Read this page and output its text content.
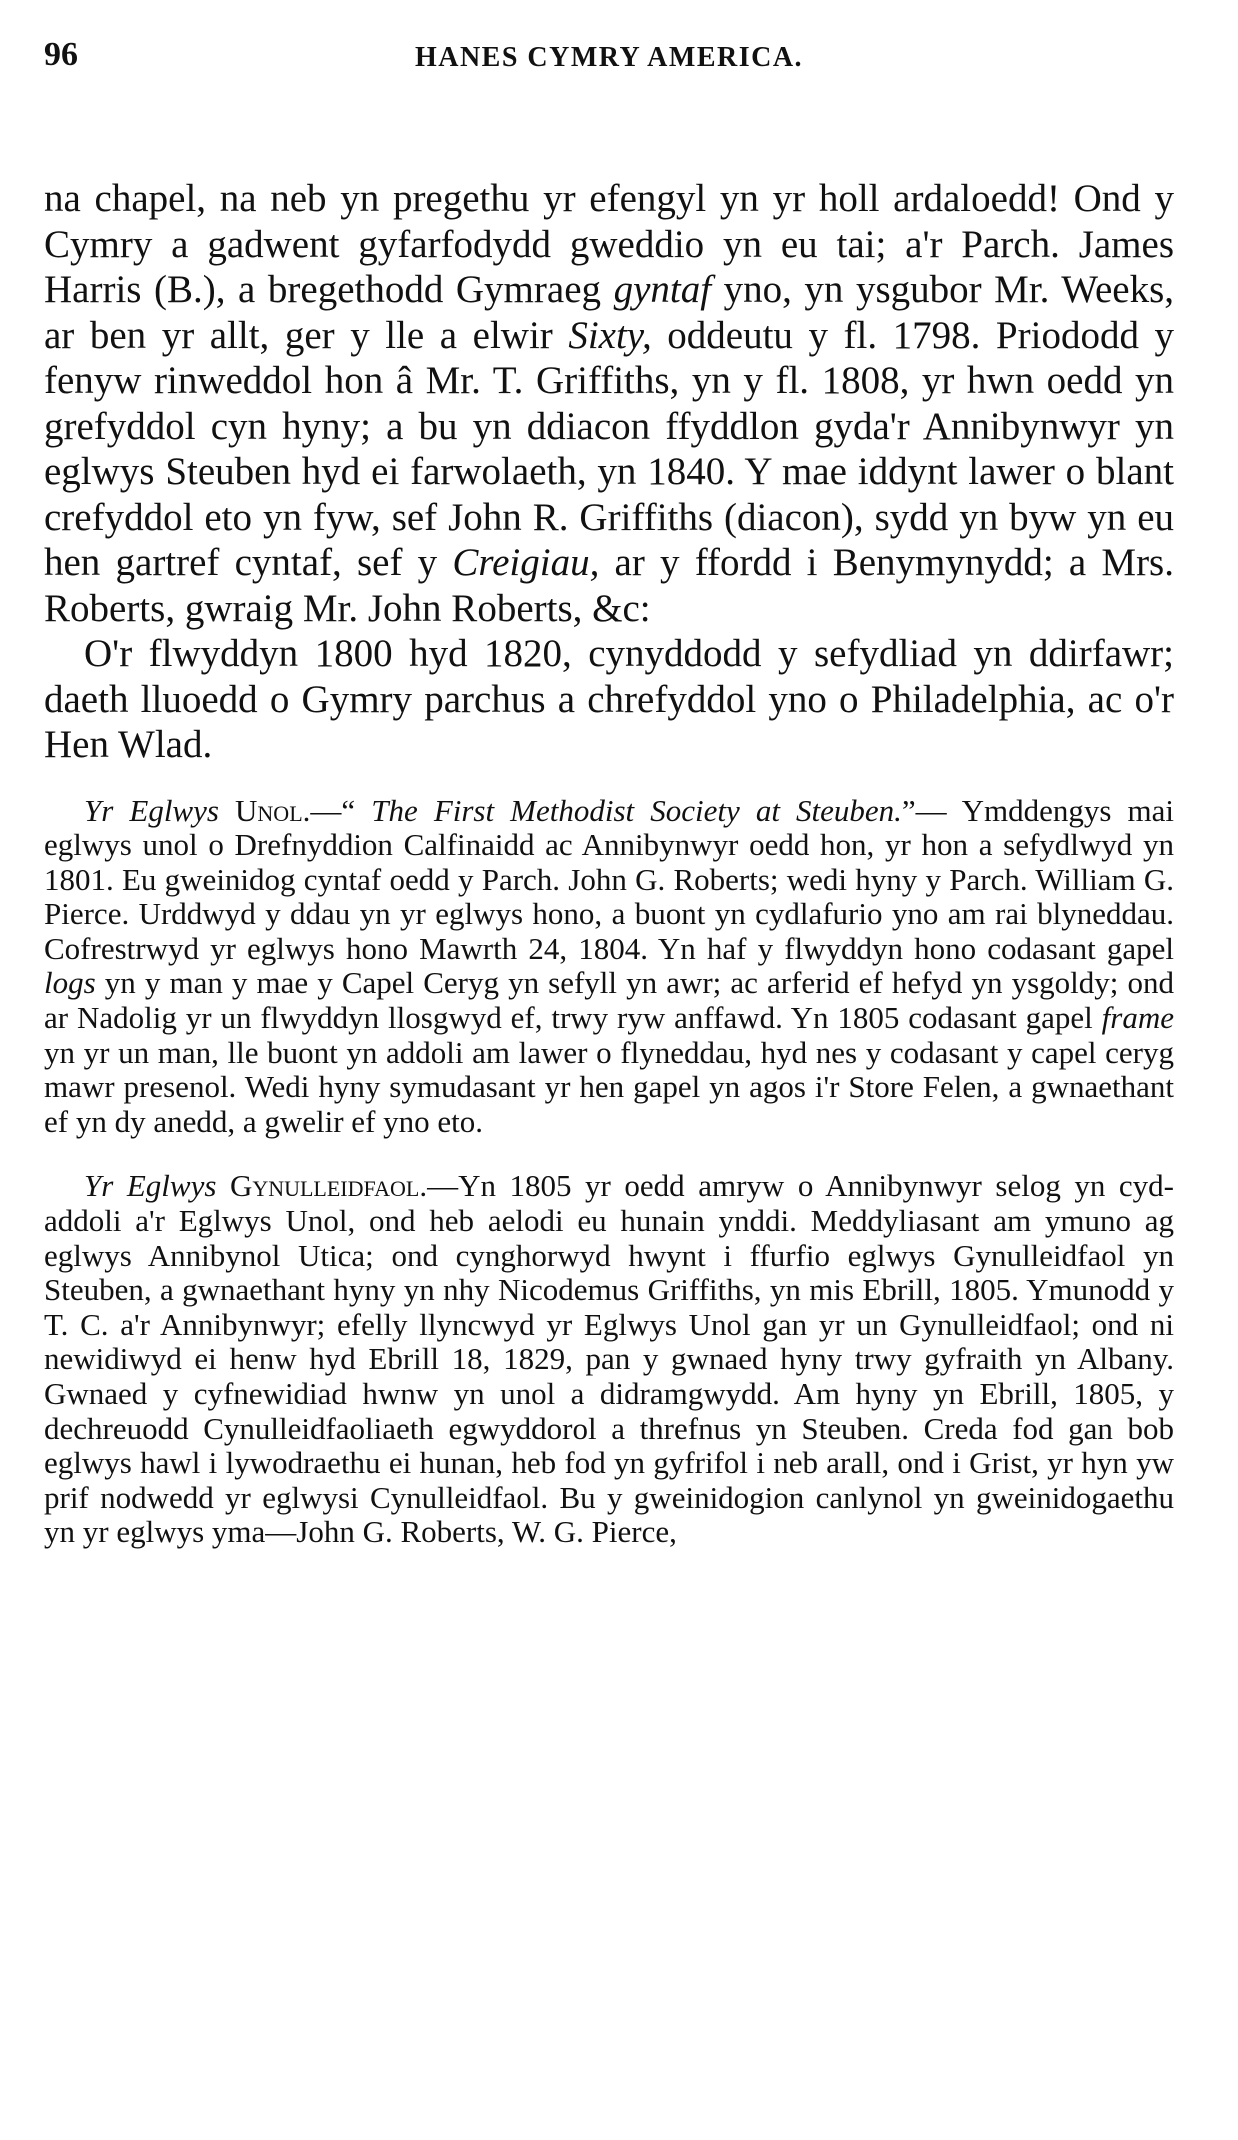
96	HANES CYMRY AMERICA.

na chapel, na neb yn pregethu yr efengyl yn yr holl ardaloedd! Ond y Cymry a gadwent gyfarfodydd gweddio yn eu tai; a'r Parch. James Harris (B.), a bregethodd Gymraeg gyntaf yno, yn ysgubor Mr. Weeks, ar ben yr allt, ger y lle a elwir Sixty, oddeutu y fl. 1798. Priododd y fenyw rinweddol hon â Mr. T. Griffiths, yn y fl. 1808, yr hwn oedd yn grefyddol cyn hyny; a bu yn ddiacon ffyddlon gyda'r Annibynwyr yn eglwys Steuben hyd ei farwolaeth, yn 1840. Y mae iddynt lawer o blant crefyddol eto yn fyw, sef John R. Griffiths (diacon), sydd yn byw yn eu hen gartref cyntaf, sef y Creigiau, ar y ffordd i Benymynydd; a Mrs. Roberts, gwraig Mr. John Roberts, &c:

O'r flwyddyn 1800 hyd 1820, cynyddodd y sefydliad yn ddirfawr; daeth lluoedd o Gymry parchus a chrefyddol yno o Philadelphia, ac o'r Hen Wlad.

Yr Eglwys Unol.—“ The First Methodist Society at Steuben.”— Ymddengys mai eglwys unol o Drefnyddion Calfinaidd ac Annibynwyr oedd hon, yr hon a sefydlwyd yn 1801. Eu gweinidog cyntaf oedd y Parch. John G. Roberts; wedi hyny y Parch. William G. Pierce. Urddwyd y ddau yn yr eglwys hono, a buont yn cydlafurio yno am rai blyneddau. Cofrestrwyd yr eglwys hono Mawrth 24, 1804. Yn haf y flwyddyn hono codasant gapel logs yn y man y mae y Capel Ceryg yn sefyll yn awr; ac arferid ef hefyd yn ysgoldy; ond ar Nadolig yr un flwyddyn llosgwyd ef, trwy ryw anffawd. Yn 1805 codasant gapel frame yn yr un man, lle buont yn addoli am lawer o flyneddau, hyd nes y codasant y capel ceryg mawr presenol. Wedi hyny symudasant yr hen gapel yn agos i'r Store Felen, a gwnaethant ef yn dy anedd, a gwelir ef yno eto.

Yr Eglwys Gynulleidfaol.—Yn 1805 yr oedd amryw o Annibynwyr selog yn cyd-addoli a'r Eglwys Unol, ond heb aelodi eu hunain ynddi. Meddyliasant am ymuno ag eglwys Annibynol Utica; ond cynghorwyd hwynt i ffurfio eglwys Gynulleidfaol yn Steuben, a gwnaethant hyny yn nhy Nicodemus Griffiths, yn mis Ebrill, 1805. Ymunodd y T. C. a'r Annibynwyr; efelly llyncwyd yr Eglwys Unol gan yr un Gynulleidfaol; ond ni newidiwyd ei henw hyd Ebrill 18, 1829, pan y gwnaed hyny trwy gyfraith yn Albany. Gwnaed y cyfnewidiad hwnw yn unol a didramgwydd. Am hyny yn Ebrill, 1805, y dechreuodd Cynulleidfaoliaeth egwyddorol a threfnus yn Steuben. Creda fod gan bob eglwys hawl i lywodraethu ei hunan, heb fod yn gyfrifol i neb arall, ond i Grist, yr hyn yw prif nodwedd yr eglwysi Cynulleidfaol. Bu y gweinidogion canlynol yn gweinidogaethu yn yr eglwys yma—John G. Roberts, W. G. Pierce,
